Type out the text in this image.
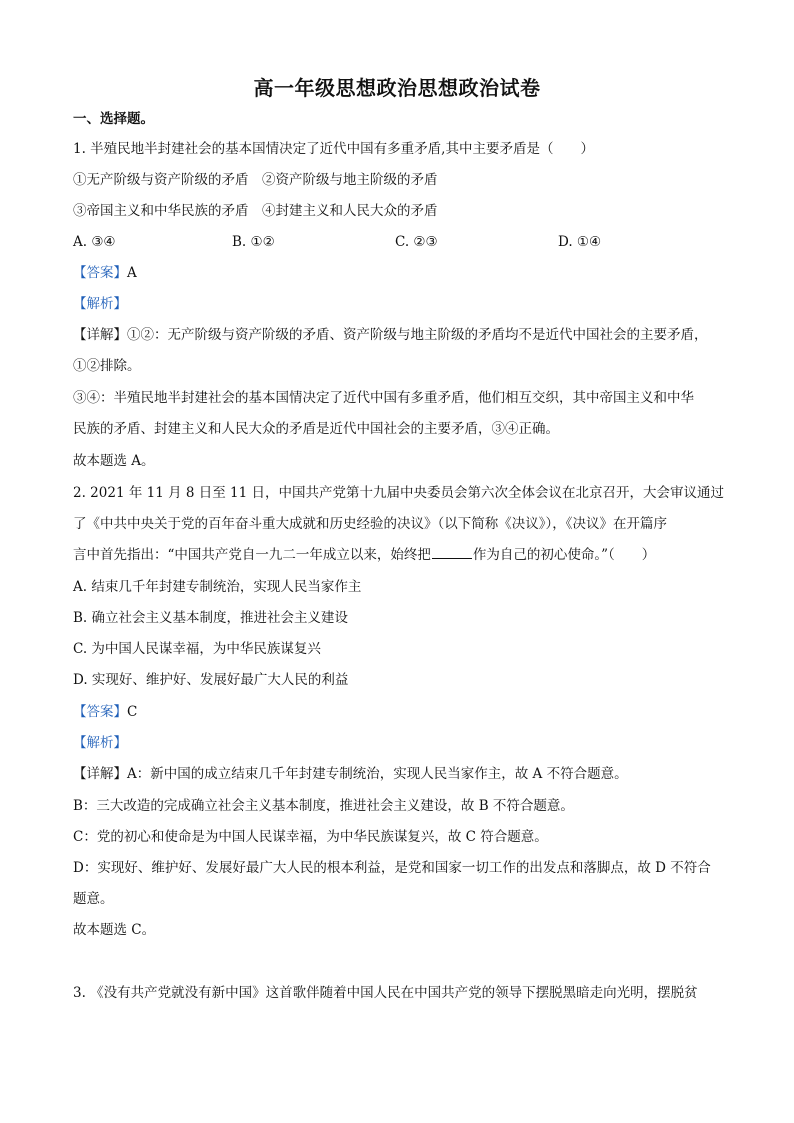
高一年级思想政治思想政治试卷
一、选择题。
1. 半殖民地半封建社会的基本国情决定了近代中国有多重矛盾,其中主要矛盾是（　　）
①无产阶级与资产阶级的矛盾　②资产阶级与地主阶级的矛盾
③帝国主义和中华民族的矛盾　④封建主义和人民大众的矛盾
A. ③④	B. ①②	C. ②③	D. ①④
【答案】A
【解析】
【详解】①②：无产阶级与资产阶级的矛盾、资产阶级与地主阶级的矛盾均不是近代中国社会的主要矛盾，
①②排除。
③④：半殖民地半封建社会的基本国情决定了近代中国有多重矛盾，他们相互交织，其中帝国主义和中华
民族的矛盾、封建主义和人民大众的矛盾是近代中国社会的主要矛盾，③④正确。
故本题选 A。
2. 2021 年 11 月 8 日至 11 日，中国共产党第十九届中央委员会第六次全体会议在北京召开，大会审议通过
了《中共中央关于党的百年奋斗重大成就和历史经验的决议》（以下简称《决议》），《决议》在开篇序
言中首先指出：“中国共产党自一九二一年成立以来，始终把	作为自己的初心使命。”（　　）
A. 结束几千年封建专制统治，实现人民当家作主
B. 确立社会主义基本制度，推进社会主义建设
C. 为中国人民谋幸福，为中华民族谋复兴
D. 实现好、维护好、发展好最广大人民的利益
【答案】C
【解析】
【详解】A：新中国的成立结束几千年封建专制统治，实现人民当家作主，故 A 不符合题意。
B：三大改造的完成确立社会主义基本制度，推进社会主义建设，故 B 不符合题意。
C：党的初心和使命是为中国人民谋幸福，为中华民族谋复兴，故 C 符合题意。
D：实现好、维护好、发展好最广大人民的根本利益，是党和国家一切工作的出发点和落脚点，故 D 不符合
题意。
故本题选 C。
3. 《没有共产党就没有新中国》这首歌伴随着中国人民在中国共产党的领导下摆脱黑暗走向光明，摆脱贫
